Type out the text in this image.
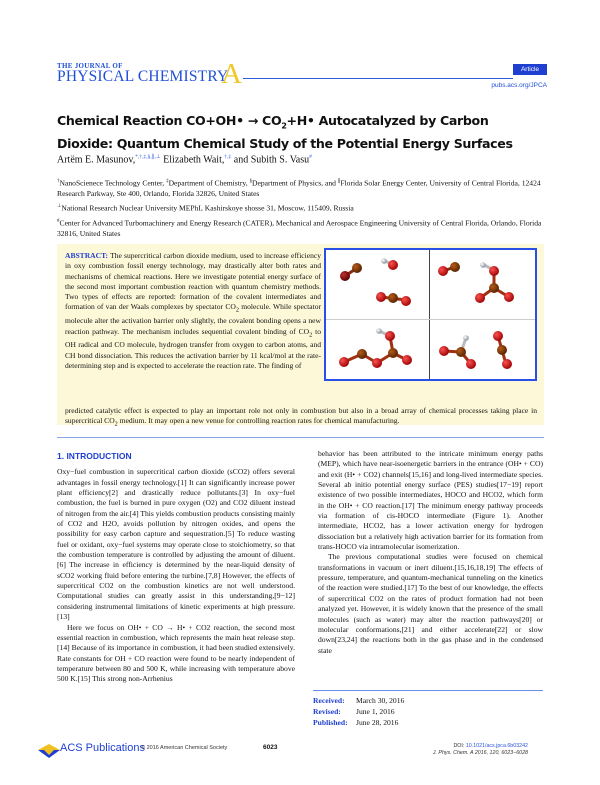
THE JOURNAL OF
PHYSICAL CHEMISTRY
A	Article
pubs.acs.org/JPCA
Chemical Reaction CO+OH• → $CO_2+H•$ Autocatalyzed by Carbon Dioxide: Quantum Chemical Study of the Potential Energy Surfaces
Artëm E. Masunov,*,†,‡,§,∥,⊥ Elizabeth Wait,†,‡ and Subith S. Vasu#

†NanoScienece Technology Center, ‡Department of Chemistry, §Department of Physics, and ∥Florida Solar Energy Center, University of Central Florida, 12424 Research Parkway, Ste 400, Orlando, Florida 32826, United States

⊥National Research Nuclear University MEPhI, Kashirskoye shosse 31, Moscow, 115409, Russia

#Center for Advanced Turbomachinery and Energy Research (CATER), Mechanical and Aerospace Engineering University of Central Florida, Orlando, Florida 32816, United States

ABSTRACT: The supercritical carbon dioxide medium, used to increase efficiency in oxy combustion fossil energy technology, may drastically alter both rates and mechanisms of chemical reactions. Here we investigate potential energy surface of the second most important combustion reaction with quantum chemistry methods. Two types of effects are reported: formation of the covalent intermediates and formation of van der Waals complexes by spectator $CO_2$ molecule. While spectator molecule alter the activation barrier only slightly, the covalent bonding opens a new reaction pathway. The mechanism includes sequential covalent binding of $CO_2$ to OH radical and CO molecule, hydrogen transfer from oxygen to carbon atoms, and CH bond dissociation. This reduces the activation barrier by 11 kcal/mol at the rate-determining step and is expected to accelerate the reaction rate. The finding of
predicted catalytic effect is expected to play an important role not only in combustion but also in a broad array of chemical processes taking place in supercritical $CO_2$ medium. It may open a new venue for controlling reaction rates for chemical manufacturing.
1. INTRODUCTION

Oxy−fuel combustion in supercritical carbon dioxide (sCO2) offers several advantages in fossil energy technology.[1] It can significantly increase power plant efficiency[2] and drastically reduce pollutants.[3] In oxy−fuel combustion, the fuel is burned in pure oxygen (O2) and CO2 diluent instead of nitrogen from the air.[4] This yields combustion products consisting mainly of CO2 and H2O, avoids pollution by nitrogen oxides, and opens the possibility for easy carbon capture and sequestration.[5] To reduce wasting fuel or oxidant, oxy−fuel systems may operate close to stoichiometry, so that the combustion temperature is controlled by adjusting the amount of diluent.[6] The increase in efficiency is determined by the near-liquid density of sCO2 working fluid before entering the turbine.[7,8] However, the effects of supercritical CO2 on the combustion kinetics are not well understood. Computational studies can greatly assist in this understanding,[9−12] considering instrumental limitations of kinetic experiments at high pressure.[13]

Here we focus on OH• + CO → H• + CO2 reaction, the second most essential reaction in combustion, which represents the main heat release step.[14] Because of its importance in combustion, it had been studied extensively. Rate constants for OH + CO reaction were found to be nearly independent of temperature between 80 and 500 K, while increasing with temperature above 500 K.[15] This strong non-Arrhenius

behavior has been attributed to the intricate minimum energy paths (MEP), which have near-isoenergetic barriers in the entrance (OH• + CO) and exit (H• + CO2) channels[15,16] and long-lived intermediate species. Several ab initio potential energy surface (PES) studies[17−19] report existence of two possible intermediates, HOCO and HCO2, which form in the OH• + CO reaction.[17] The minimum energy pathway proceeds via formation of cis-HOCO intermediate (Figure 1). Another intermediate, HCO2, has a lower activation energy for hydrogen dissociation but a relatively high activation barrier for its formation from trans-HOCO via intramolecular isomerization.

The previous computational studies were focused on chemical transformations in vacuum or inert diluent.[15,16,18,19] The effects of pressure, temperature, and quantum-mechanical tunneling on the kinetics of the reaction were studied.[17] To the best of our knowledge, the effects of supercritical CO2 on the rates of product formation had not been analyzed yet. However, it is widely known that the presence of the small molecules (such as water) may alter the reaction pathways[20] or molecular conformations,[21] and either accelerate[22] or slow down[23,24] the reactions both in the gas phase and in the condensed state

Received:	March 30, 2016
Revised:	June 1, 2016
Published:	June 28, 2016
ACS Publications
© 2016 American Chemical Society	6023	DOI: 10.1021/acs.jpca.6b03242
J. Phys. Chem. A 2016, 120, 6023−6028
